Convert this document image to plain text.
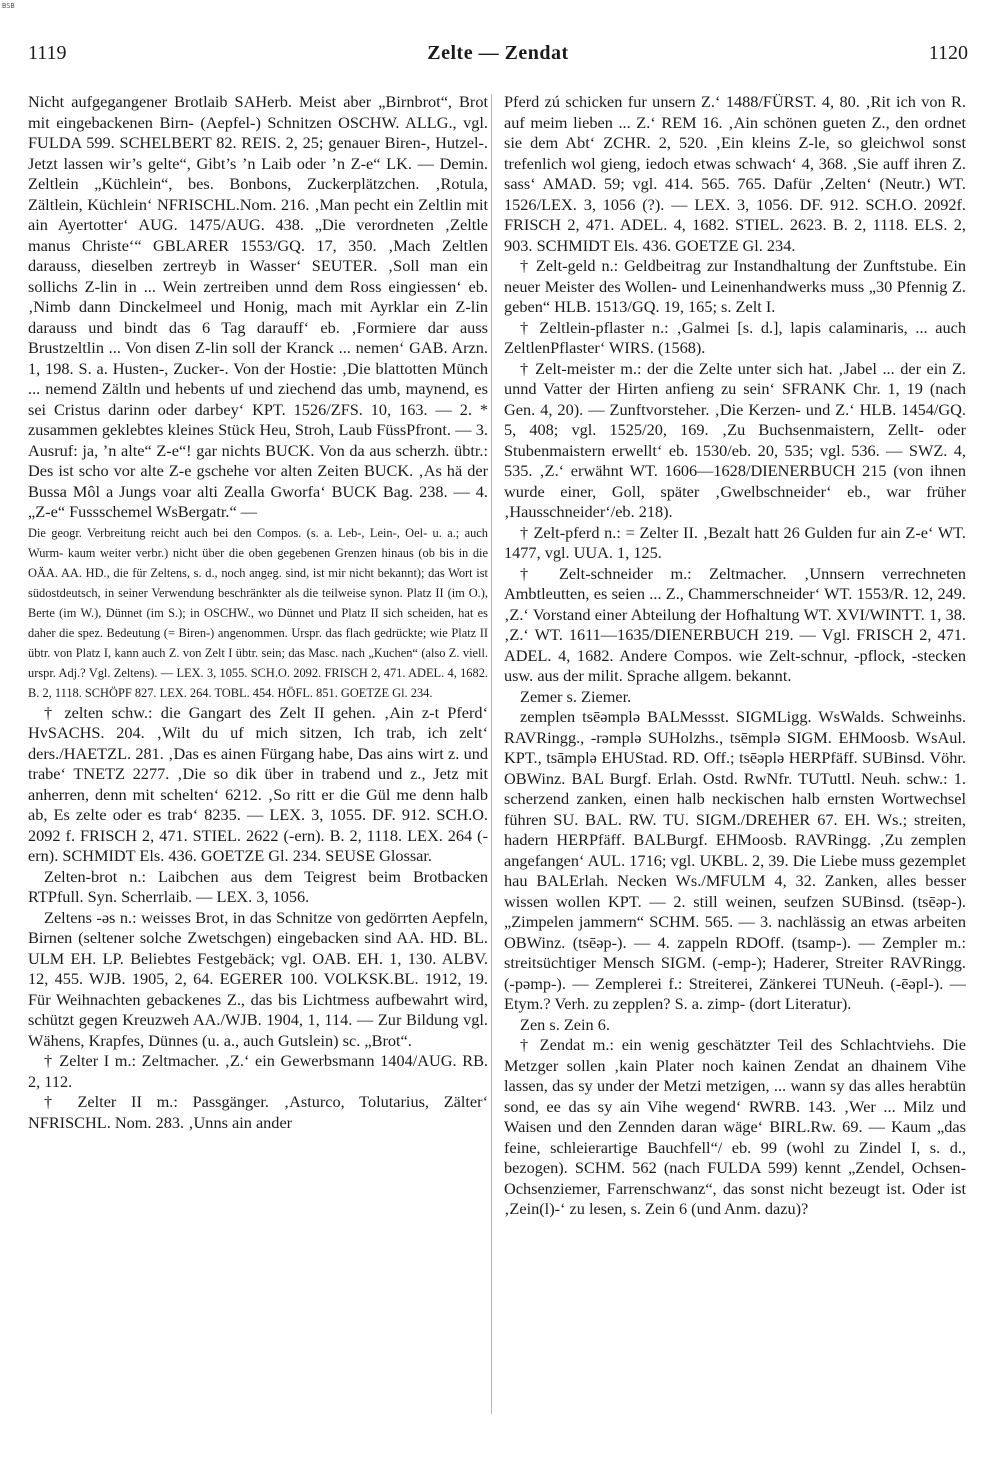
BSB
1119	Zelte — Zendat	1120

Nicht aufgegangener Brotlaib SAHerb. Meist aber „Birnbrot“, Brot mit eingebackenen Birn- (Aepfel-) Schnitzen OSCHW. ALLG., vgl. FULDA 599. SCHELBERT 82. REIS. 2, 25; genauer Biren-, Hutzel-. Jetzt lassen wir’s gelte“, Gibt’s ’n Laib oder ’n Z-e“ LK. — Demin. Zeltlein „Küchlein“, bes. Bonbons, Zuckerplätzchen. ‚Rotula, Zältlein, Küchlein‘ NFRISCHL.Nom. 216. ‚Man pecht ein Zeltlin mit ain Ayertotter‘ AUG. 1475/AUG. 438. „Die verordneten ‚Zeltle manus Christe‘“ GBLARER 1553/GQ. 17, 350. ‚Mach Zeltlen darauss, dieselben zertreyb in Wasser‘ SEUTER. ‚Soll man ein sollichs Z-lin in ... Wein zertreiben unnd dem Ross eingiessen‘ eb. ‚Nimb dann Dinckelmeel und Honig, mach mit Ayrklar ein Z-lin darauss und bindt das 6 Tag darauff‘ eb. ‚Formiere dar auss Brustzeltlin ... Von disen Z-lin soll der Kranck ... nemen‘ GAB. Arzn. 1, 198. S. a. Husten-, Zucker-. Von der Hostie: ‚Die blattotten Münch ... nemend Zältln und hebents uf und ziechend das umb, maynend, es sei Cristus darinn oder darbey‘ KPT. 1526/ZFS. 10, 163. — 2. * zusammen geklebtes kleines Stück Heu, Stroh, Laub FüssPfront. — 3. Ausruf: ja, ’n alte“ Z-e“! gar nichts BUCK. Von da aus scherzh. übtr.: Des ist scho vor alte Z-e gschehe vor alten Zeiten BUCK. ‚As hä der Bussa Môl a Jungs voar alti Zealla Gworfa‘ BUCK Bag. 238. — 4. „Z-e“ Fussschemel WsBergatr.“ —

Die geogr. Verbreitung reicht auch bei den Compos. (s. a. Leb-, Lein-, Oel- u. a.; auch Wurm- kaum weiter verbr.) nicht über die oben gegebenen Grenzen hinaus (ob bis in die OÄA. AA. HD., die für Zeltens, s. d., noch angeg. sind, ist mir nicht bekannt); das Wort ist südostdeutsch, in seiner Verwendung beschränkter als die teilweise synon. Platz II (im O.), Berte (im W.), Dünnet (im S.); in OSCHW., wo Dünnet und Platz II sich scheiden, hat es daher die spez. Bedeutung (= Biren-) angenommen. Urspr. das flach gedrückte; wie Platz II übtr. von Platz I, kann auch Z. von Zelt I übtr. sein; das Masc. nach „Kuchen“ (also Z. viell. urspr. Adj.? Vgl. Zeltens). — LEX. 3, 1055. SCH.O. 2092. FRISCH 2, 471. ADEL. 4, 1682. B. 2, 1118. SCHÖPF 827. LEX. 264. TOBL. 454. HÖFL. 851. GOETZE Gl. 234.

† zelten schw.: die Gangart des Zelt II gehen. ‚Ain z-t Pferd‘ HvSACHS. 204. ‚Wilt du uf mich sitzen, Ich trab, ich zelt‘ ders./HAETZL. 281. ‚Das es ainen Fürgang habe, Das ains wirt z. und trabe‘ TNETZ 2277. ‚Die so dik über in trabend und z., Jetz mit anherren, denn mit schelten‘ 6212. ‚So ritt er die Gül me denn halb ab, Es zelte oder es trab‘ 8235. — LEX. 3, 1055. DF. 912. SCH.O. 2092 f. FRISCH 2, 471. STIEL. 2622 (-ern). B. 2, 1118. LEX. 264 (-ern). SCHMIDT Els. 436. GOETZE Gl. 234. SEUSE Glossar.

Zelten-brot n.: Laibchen aus dem Teigrest beim Brotbacken RTPfull. Syn. Scherrlaib. — LEX. 3, 1056.

Zeltens -əs n.: weisses Brot, in das Schnitze von gedörrten Aepfeln, Birnen (seltener solche Zwetschgen) eingebacken sind AA. HD. BL. ULM EH. LP. Beliebtes Festgebäck; vgl. OAB. EH. 1, 130. ALBV. 12, 455. WJB. 1905, 2, 64. EGERER 100. VOLKSK.BL. 1912, 19. Für Weihnachten gebackenes Z., das bis Lichtmess aufbewahrt wird, schützt gegen Kreuzweh AA./WJB. 1904, 1, 114. — Zur Bildung vgl. Wähens, Krapfes, Dünnes (u. a., auch Gutslein) sc. „Brot“.

† Zelter I m.: Zeltmacher. ‚Z.‘ ein Gewerbsmann 1404/AUG. RB. 2, 112.

† Zelter II m.: Passgänger. ‚Asturco, Tolutarius, Zälter‘ NFRISCHL. Nom. 283. ‚Unns ain ander

Pferd zú schicken fur unsern Z.‘ 1488/FÜRST. 4, 80. ‚Rit ich von R. auf meim lieben ... Z.‘ REM 16. ‚Ain schönen gueten Z., den ordnet sie dem Abt‘ ZCHR. 2, 520. ‚Ein kleins Z-le, so gleichwol sonst trefenlich wol gieng, iedoch etwas schwach‘ 4, 368. ‚Sie auff ihren Z. sass‘ AMAD. 59; vgl. 414. 565. 765. Dafür ‚Zelten‘ (Neutr.) WT. 1526/LEX. 3, 1056 (?). — LEX. 3, 1056. DF. 912. SCH.O. 2092f. FRISCH 2, 471. ADEL. 4, 1682. STIEL. 2623. B. 2, 1118. ELS. 2, 903. SCHMIDT Els. 436. GOETZE Gl. 234.

† Zelt-geld n.: Geldbeitrag zur Instandhaltung der Zunftstube. Ein neuer Meister des Wollen- und Leinenhandwerks muss „30 Pfennig Z. geben“ HLB. 1513/GQ. 19, 165; s. Zelt I.

† Zeltlein-pflaster n.: ‚Galmei [s. d.], lapis calaminaris, ... auch ZeltlenPflaster‘ WIRS. (1568).

† Zelt-meister m.: der die Zelte unter sich hat. ‚Jabel ... der ein Z. unnd Vatter der Hirten anfieng zu sein‘ SFRANK Chr. 1, 19 (nach Gen. 4, 20). — Zunftvorsteher. ‚Die Kerzen- und Z.‘ HLB. 1454/GQ. 5, 408; vgl. 1525/20, 169. ‚Zu Buchsenmaistern, Zellt- oder Stubenmaistern erwellt‘ eb. 1530/eb. 20, 535; vgl. 536. — SWZ. 4, 535. ‚Z.‘ erwähnt WT. 1606—1628/DIENERBUCH 215 (von ihnen wurde einer, Goll, später ‚Gwelbschneider‘ eb., war früher ‚Hausschneider‘/eb. 218).

† Zelt-pferd n.: = Zelter II. ‚Bezalt hatt 26 Gulden fur ain Z-e‘ WT. 1477, vgl. UUA. 1, 125.

† Zelt-schneider m.: Zeltmacher. ‚Unnsern verrechneten Ambtleutten, es seien ... Z., Chammerschneider‘ WT. 1553/R. 12, 249. ‚Z.‘ Vorstand einer Abteilung der Hofhaltung WT. XVI/WINTT. 1, 38. ‚Z.‘ WT. 1611—1635/DIENERBUCH 219. — Vgl. FRISCH 2, 471. ADEL. 4, 1682. Andere Compos. wie Zelt-schnur, -pflock, -stecken usw. aus der milit. Sprache allgem. bekannt.

Zemer s. Ziemer.

zemplen tsēəmplə BALMessst. SIGMLigg. WsWalds. Schweinhs. RAVRingg., -rəmplə SUHolzhs., tsēmplə SIGM. EHMoosb. WsAul. KPT., tsāmplə EHUStad. RD. Off.; tsēəplə HERPfäff. SUBinsd. Vöhr. OBWinz. BAL Burgf. Erlah. Ostd. RwNfr. TUTuttl. Neuh. schw.: 1. scherzend zanken, einen halb neckischen halb ernsten Wortwechsel führen SU. BAL. RW. TU. SIGM./DREHER 67. EH. Ws.; streiten, hadern HERPfäff. BALBurgf. EHMoosb. RAVRingg. ‚Zu zemplen angefangen‘ AUL. 1716; vgl. UKBL. 2, 39. Die Liebe muss gezemplet hau BALErlah. Necken Ws./MFULM 4, 32. Zanken, alles besser wissen wollen KPT. — 2. still weinen, seufzen SUBinsd. (tsēəp-). „Zimpelen jammern“ SCHM. 565. — 3. nachlässig an etwas arbeiten OBWinz. (tsēəp-). — 4. zappeln RDOff. (tsamp-). — Zempler m.: streitsüchtiger Mensch SIGM. (-emp-); Haderer, Streiter RAVRingg. (-pəmp-). — Zemplerei f.: Streiterei, Zänkerei TUNeuh. (-ēəpl-). — Etym.? Verh. zu zepplen? S. a. zimp- (dort Literatur).

Zen s. Zein 6.

† Zendat m.: ein wenig geschätzter Teil des Schlachtviehs. Die Metzger sollen ‚kain Plater noch kainen Zendat an dhainem Vihe lassen, das sy under der Metzi metzigen, ... wann sy das alles herabtün sond, ee das sy ain Vihe wegend‘ RWRB. 143. ‚Wer ... Milz und Waisen und den Zennden daran wäge‘ BIRL.Rw. 69. — Kaum „das feine, schleierartige Bauchfell“/ eb. 99 (wohl zu Zindel I, s. d., bezogen). SCHM. 562 (nach FULDA 599) kennt „Zendel, Ochsen- Ochsenziemer, Farrenschwanz“, das sonst nicht bezeugt ist. Oder ist ‚Zein(l)-‘ zu lesen, s. Zein 6 (und Anm. dazu)?
